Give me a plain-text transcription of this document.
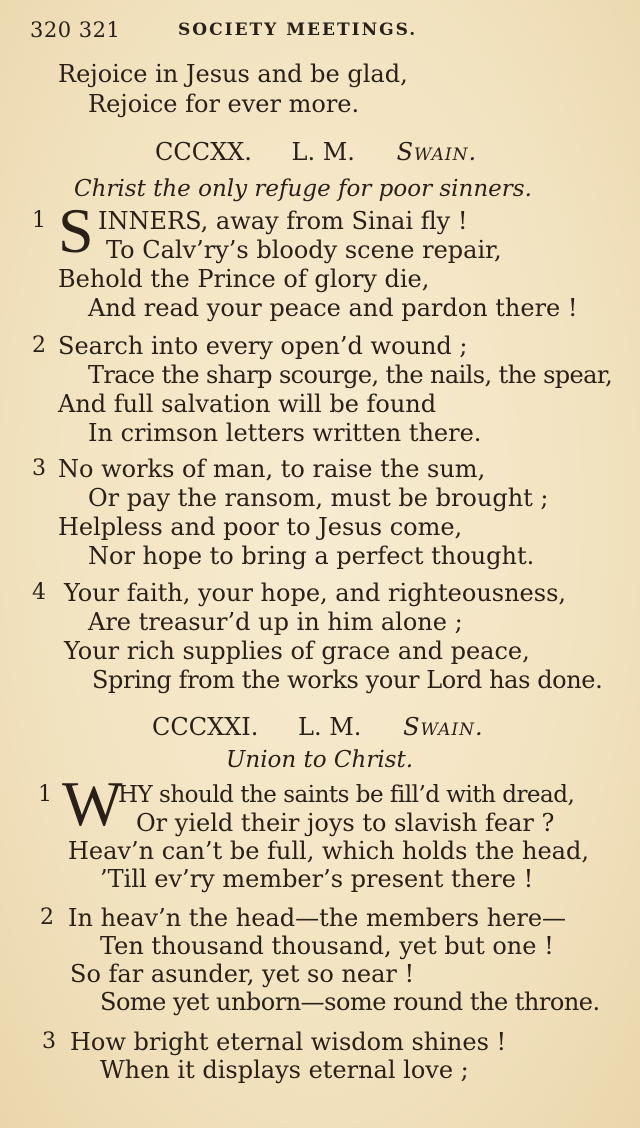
320 321	SOCIETY MEETINGS.
Rejoice in Jesus and be glad,
Rejoice for ever more.
CCCXX. L. M. Swain.
Christ the only refuge for poor sinners.
1 S INNERS, away from Sinai fly !
To Calv’ry’s bloody scene repair,
Behold the Prince of glory die,
And read your peace and pardon there !
2 Search into every open’d wound ;
Trace the sharp scourge, the nails, the spear,
And full salvation will be found
In crimson letters written there.
3 No works of man, to raise the sum,
Or pay the ransom, must be brought ;
Helpless and poor to Jesus come,
Nor hope to bring a perfect thought.
4 Your faith, your hope, and righteousness,
Are treasur’d up in him alone ;
Your rich supplies of grace and peace,
Spring from the works your Lord has done.
CCCXXI. L. M. Swain.
Union to Christ.
1 W
HY should the saints be fill’d with dread,
Or yield their joys to slavish fear ?
Heav’n can’t be full, which holds the head,
’Till ev’ry member’s present there !
2 In heav’n the head—the members here—
Ten thousand thousand, yet but one !
So far asunder, yet so near !
Some yet unborn—some round the throne.
3 How bright eternal wisdom shines !
When it displays eternal love ;
